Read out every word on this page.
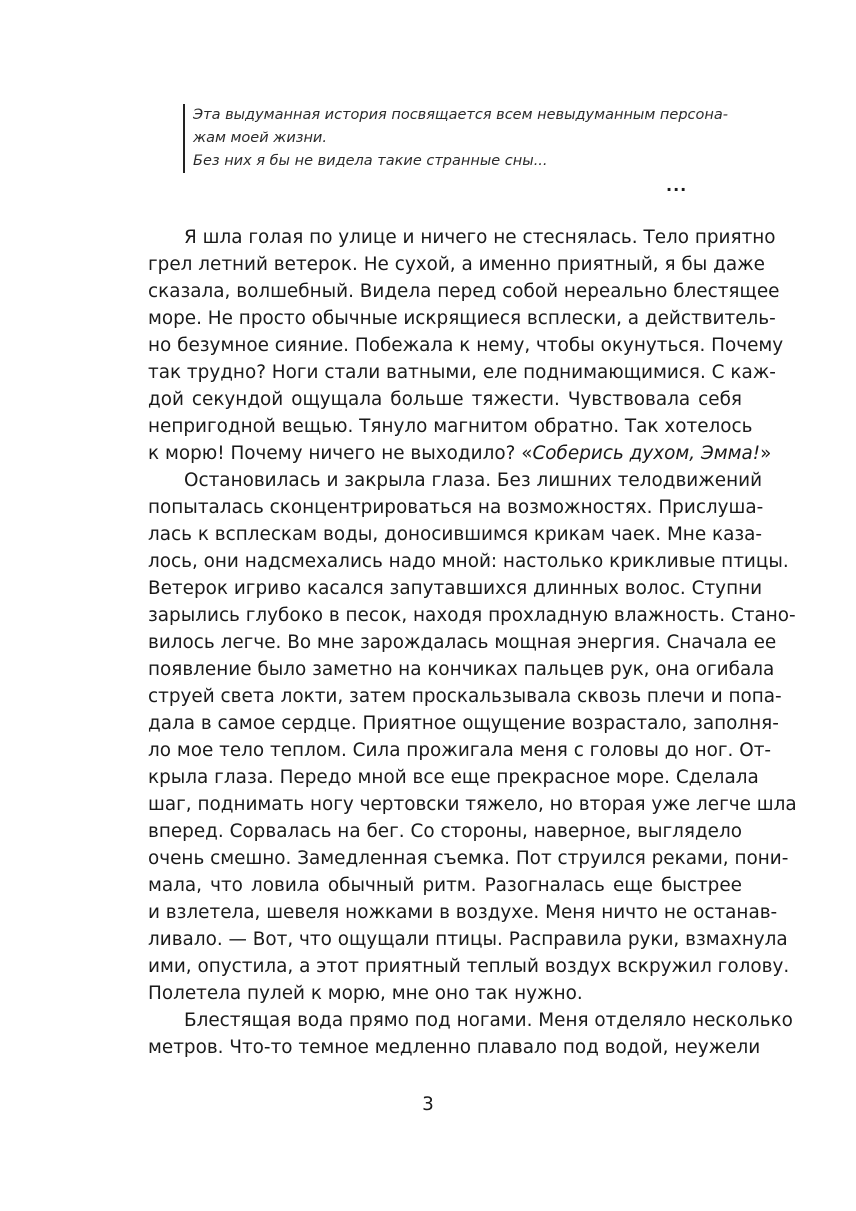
Эта выдуманная история посвящается всем невыдуманным персона-
жам моей жизни.
Без них я бы не видела такие странные сны...
...
Я шла голая по улице и ничего не стеснялась. Тело приятно
грел летний ветерок. Не сухой, а именно приятный, я бы даже
сказала, волшебный. Видела перед собой нереально блестящее
море. Не просто обычные искрящиеся всплески, а действитель-
но безумное сияние. Побежала к нему, чтобы окунуться. Почему
так трудно? Ноги стали ватными, еле поднимающимися. С каж-
дой секундой ощущала больше тяжести. Чувствовала себя
непригодной вещью. Тянуло магнитом обратно. Так хотелось
к морю! Почему ничего не выходило? «Соберись духом, Эмма!»
Остановилась и закрыла глаза. Без лишних телодвижений
попыталась сконцентрироваться на возможностях. Прислуша-
лась к всплескам воды, доносившимся крикам чаек. Мне каза-
лось, они надсмехались надо мной: настолько крикливые птицы.
Ветерок игриво касался запутавшихся длинных волос. Ступни
зарылись глубоко в песок, находя прохладную влажность. Стано-
вилось легче. Во мне зарождалась мощная энергия. Сначала ее
появление было заметно на кончиках пальцев рук, она огибала
струей света локти, затем проскальзывала сквозь плечи и попа-
дала в самое сердце. Приятное ощущение возрастало, заполня-
ло мое тело теплом. Сила прожигала меня с головы до ног. От-
крыла глаза. Передо мной все еще прекрасное море. Сделала
шаг, поднимать ногу чертовски тяжело, но вторая уже легче шла
вперед. Сорвалась на бег. Со стороны, наверное, выглядело
очень смешно. Замедленная съемка. Пот струился реками, пони-
мала, что ловила обычный ритм. Разогналась еще быстрее
и взлетела, шевеля ножками в воздухе. Меня ничто не останав-
ливало. — Вот, что ощущали птицы. Расправила руки, взмахнула
ими, опустила, а этот приятный теплый воздух вскружил голову.
Полетела пулей к морю, мне оно так нужно.
Блестящая вода прямо под ногами. Меня отделяло несколько
метров. Что-то темное медленно плавало под водой, неужели
3
